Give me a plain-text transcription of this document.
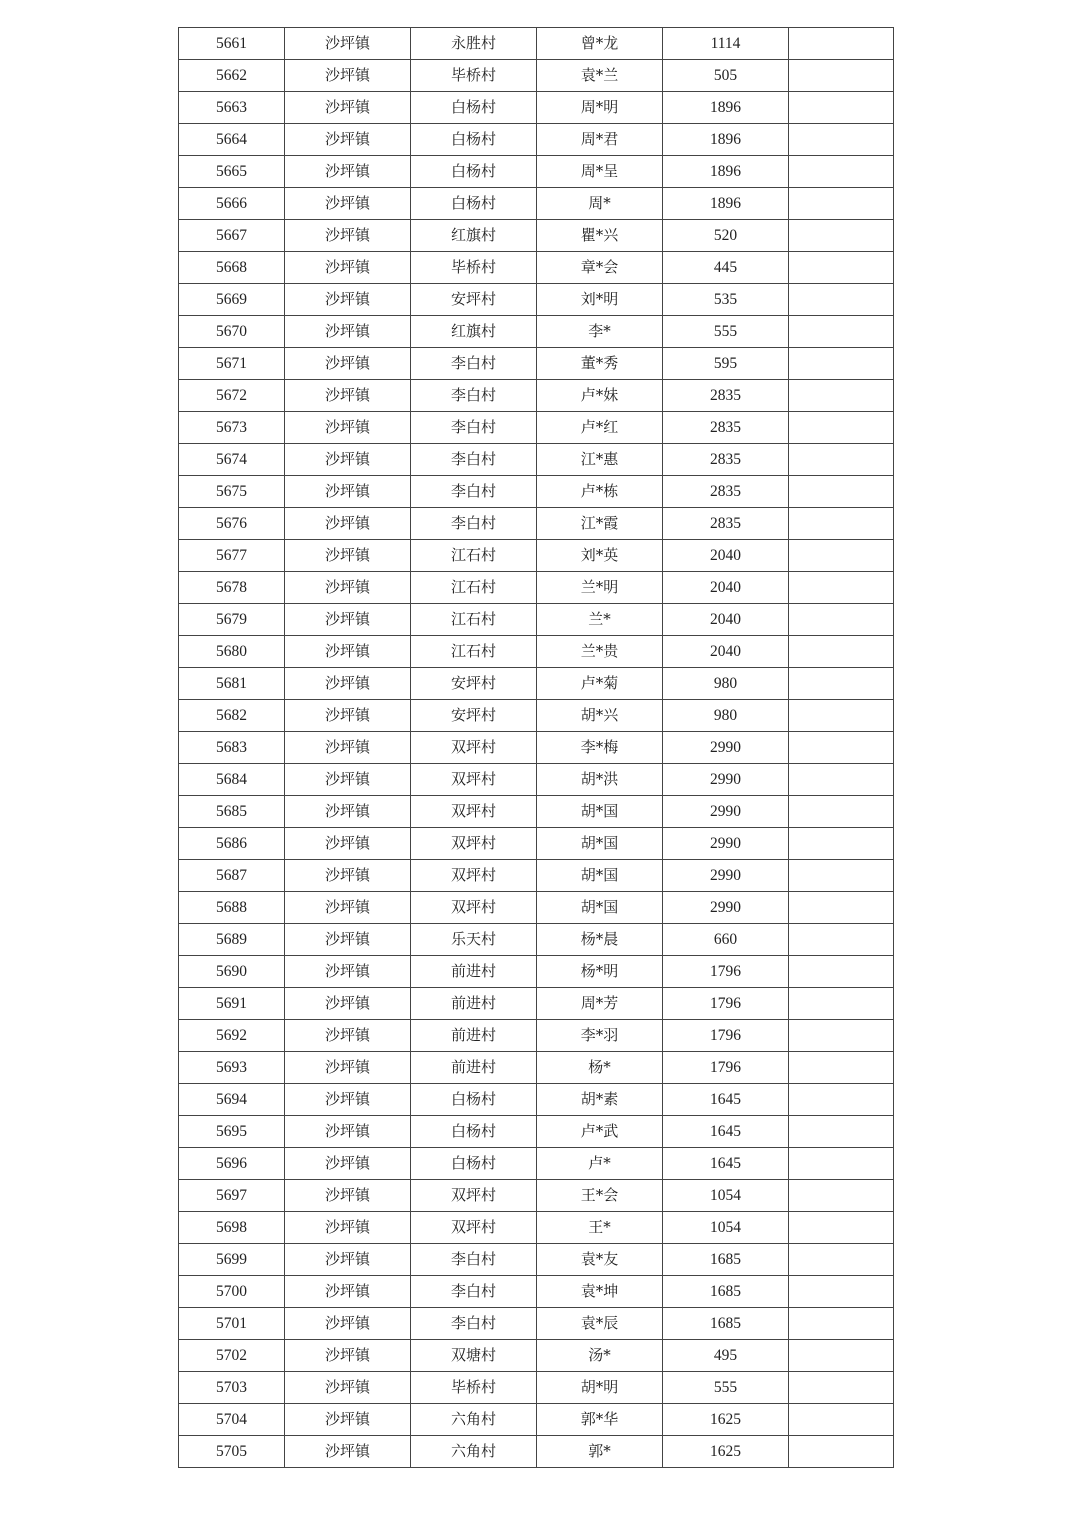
5661	沙坪镇	永胜村	曾*龙	1114	
5662	沙坪镇	毕桥村	袁*兰	505	
5663	沙坪镇	白杨村	周*明	1896	
5664	沙坪镇	白杨村	周*君	1896	
5665	沙坪镇	白杨村	周*呈	1896	
5666	沙坪镇	白杨村	周*	1896	
5667	沙坪镇	红旗村	瞿*兴	520	
5668	沙坪镇	毕桥村	章*会	445	
5669	沙坪镇	安坪村	刘*明	535	
5670	沙坪镇	红旗村	李*	555	
5671	沙坪镇	李白村	董*秀	595	
5672	沙坪镇	李白村	卢*妹	2835	
5673	沙坪镇	李白村	卢*红	2835	
5674	沙坪镇	李白村	江*惠	2835	
5675	沙坪镇	李白村	卢*栋	2835	
5676	沙坪镇	李白村	江*霞	2835	
5677	沙坪镇	江石村	刘*英	2040	
5678	沙坪镇	江石村	兰*明	2040	
5679	沙坪镇	江石村	兰*	2040	
5680	沙坪镇	江石村	兰*贵	2040	
5681	沙坪镇	安坪村	卢*菊	980	
5682	沙坪镇	安坪村	胡*兴	980	
5683	沙坪镇	双坪村	李*梅	2990	
5684	沙坪镇	双坪村	胡*洪	2990	
5685	沙坪镇	双坪村	胡*国	2990	
5686	沙坪镇	双坪村	胡*国	2990	
5687	沙坪镇	双坪村	胡*国	2990	
5688	沙坪镇	双坪村	胡*国	2990	
5689	沙坪镇	乐天村	杨*晨	660	
5690	沙坪镇	前进村	杨*明	1796	
5691	沙坪镇	前进村	周*芳	1796	
5692	沙坪镇	前进村	李*羽	1796	
5693	沙坪镇	前进村	杨*	1796	
5694	沙坪镇	白杨村	胡*素	1645	
5695	沙坪镇	白杨村	卢*武	1645	
5696	沙坪镇	白杨村	卢*	1645	
5697	沙坪镇	双坪村	王*会	1054	
5698	沙坪镇	双坪村	王*	1054	
5699	沙坪镇	李白村	袁*友	1685	
5700	沙坪镇	李白村	袁*坤	1685	
5701	沙坪镇	李白村	袁*辰	1685	
5702	沙坪镇	双塘村	汤*	495	
5703	沙坪镇	毕桥村	胡*明	555	
5704	沙坪镇	六角村	郭*华	1625	
5705	沙坪镇	六角村	郭*	1625	
